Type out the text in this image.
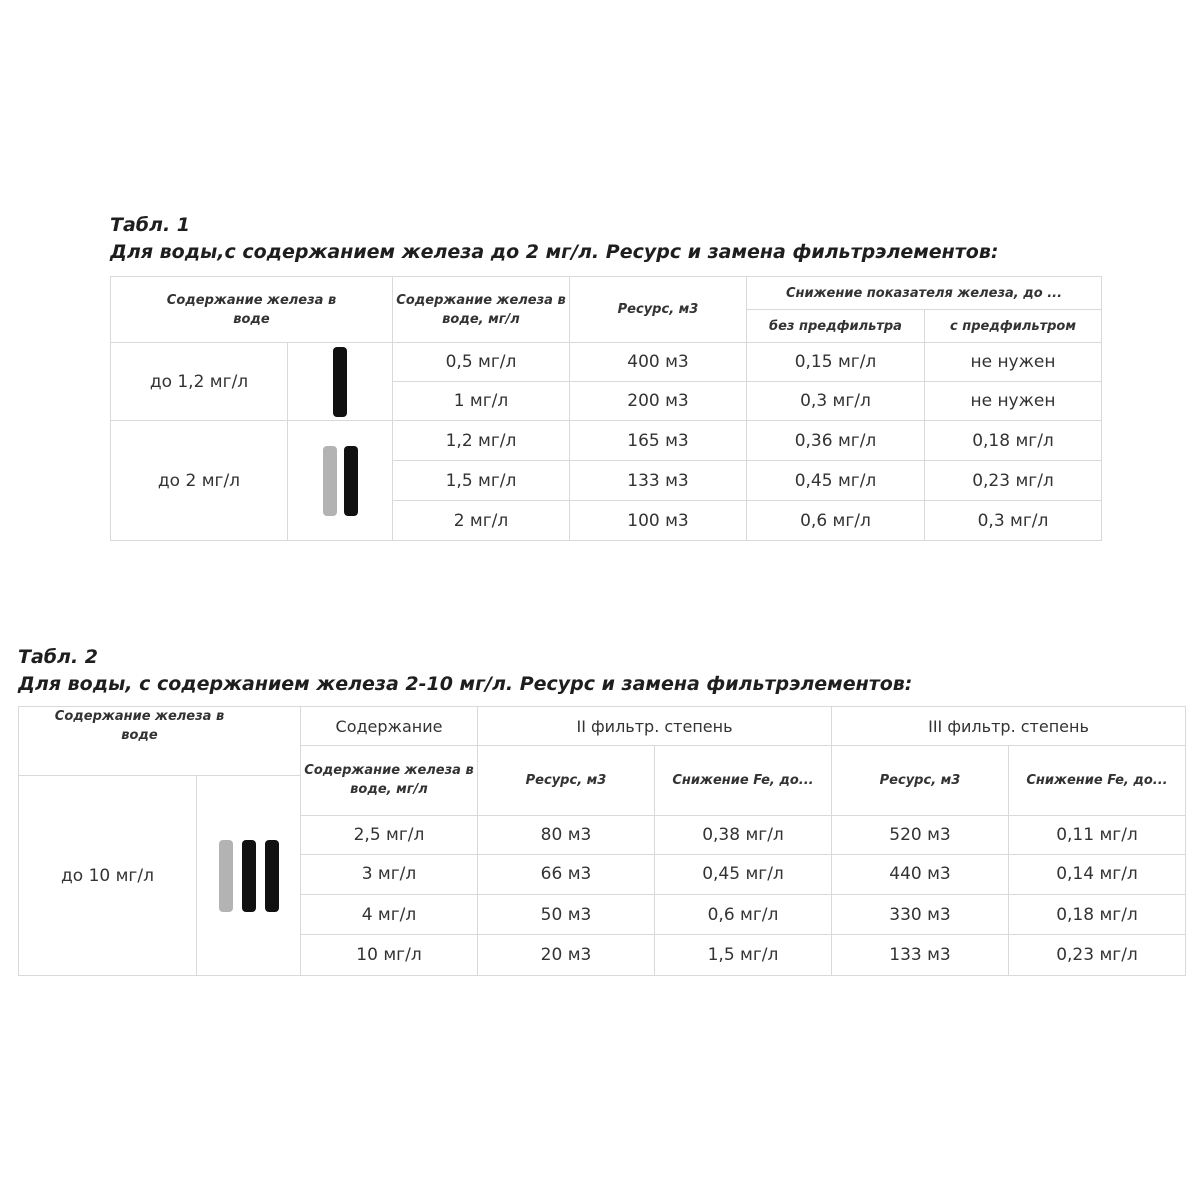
Табл. 1
Для воды,с содержанием железа до 2 мг/л. Ресурс и замена фильтрэлементов:
Содержание железа в воде		Содержание железа в воде, мг/л	Ресурс, м3	Снижение показателя железа, до ...	
				без предфильтра	с предфильтром
до 1,2 мг/л		0,5 мг/л	400 м3	0,15 мг/л	не нужен
		1 мг/л	200 м3	0,3 мг/л	не нужен
до 2 мг/л		1,2 мг/л	165 м3	0,36 мг/л	0,18 мг/л
		1,5 мг/л	133 м3	0,45 мг/л	0,23 мг/л
		2 мг/л	100 м3	0,6 мг/л	0,3 мг/л
Табл. 2
Для воды, с содержанием железа 2-10 мг/л. Ресурс и замена фильтрэлементов:
Содержание железа в воде	Содержание	II фильтр. степень		III фильтр. степень	
	Содержание железа в воде, мг/л	Ресурс, м3	Снижение Fe, до...	Ресурс, м3	Снижение Fe, до...

до 10 мг/л					

	2,5 мг/л	80 м3	0,38 мг/л	520 м3	0,11 мг/л
	3 мг/л	66 м3	0,45 мг/л	440 м3	0,14 мг/л
	4 мг/л	50 м3	0,6 мг/л	330 м3	0,18 мг/л
	10 мг/л	20 м3	1,5 мг/л	133 м3	0,23 мг/л
